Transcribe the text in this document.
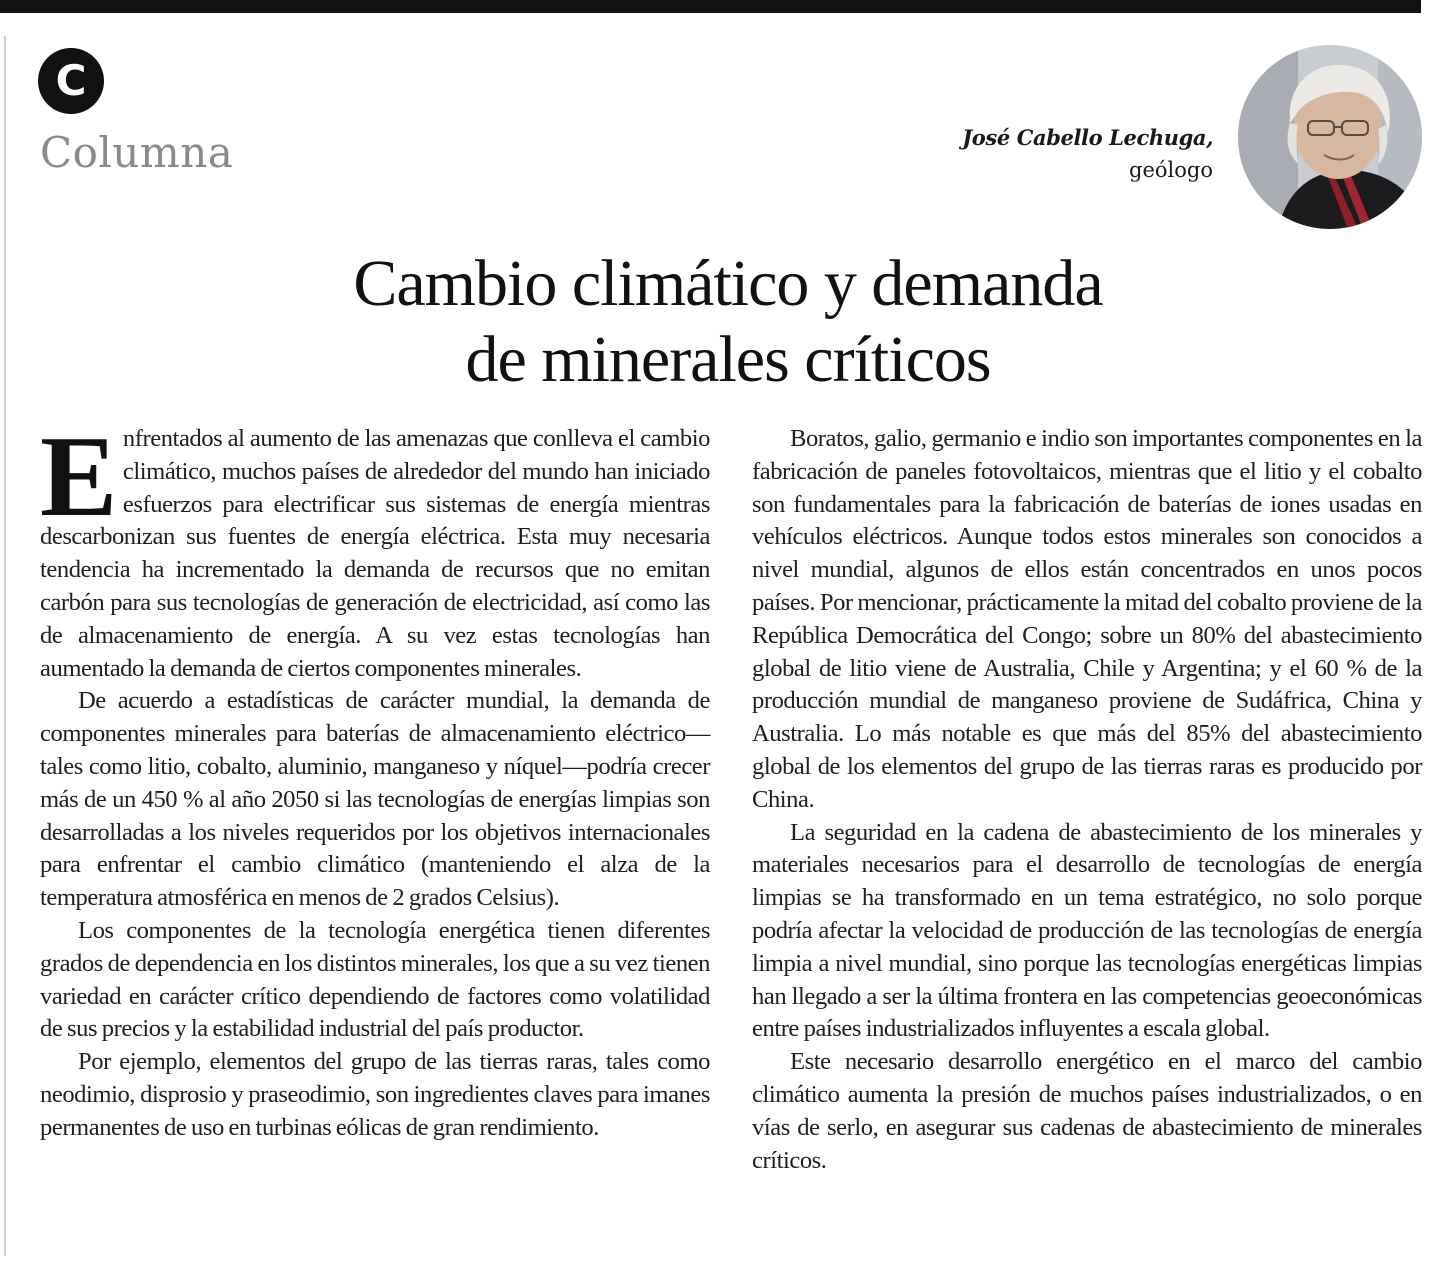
C
Columna	José Cabello Lechuga,
geólogo
Cambio climático y demanda
de minerales críticos

Enfrentados al aumento de las amenazas que conlleva el cambio climático, muchos países de alrededor del mundo han iniciado esfuerzos para electrificar sus sistemas de energía mientras descarbonizan sus fuentes de energía eléctrica. Esta muy necesaria tendencia ha incrementado la demanda de recursos que no emitan carbón para sus tecnologías de generación de electricidad, así como las de almacenamiento de energía. A su vez estas tecnologías han aumentado la demanda de ciertos componentes minerales.

De acuerdo a estadísticas de carácter mundial, la demanda de componentes minerales para baterías de almacenamiento eléctrico—tales como litio, cobalto, aluminio, manganeso y níquel—podría crecer más de un 450 % al año 2050 si las tecnologías de energías limpias son desarrolladas a los niveles requeridos por los objetivos internacionales para enfrentar el cambio climático (manteniendo el alza de la temperatura atmosférica en menos de 2 grados Celsius).

Los componentes de la tecnología energética tienen diferentes grados de dependencia en los distintos minerales, los que a su vez tienen variedad en carácter crítico dependiendo de factores como volatilidad de sus precios y la estabilidad industrial del país productor.

Por ejemplo, elementos del grupo de las tierras raras, tales como neodimio, disprosio y praseodimio, son ingredientes claves para imanes permanentes de uso en turbinas eólicas de gran rendimiento.

Boratos, galio, germanio e indio son importantes componentes en la fabricación de paneles fotovoltaicos, mientras que el litio y el cobalto son fundamentales para la fabricación de baterías de iones usadas en vehículos eléctricos. Aunque todos estos minerales son conocidos a nivel mundial, algunos de ellos están concentrados en unos pocos países. Por mencionar, prácticamente la mitad del cobalto proviene de la República Democrática del Congo; sobre un 80% del abastecimiento global de litio viene de Australia, Chile y Argentina; y el 60 % de la producción mundial de manganeso proviene de Sudáfrica, China y Australia. Lo más notable es que más del 85% del abastecimiento global de los elementos del grupo de las tierras raras es producido por China.

La seguridad en la cadena de abastecimiento de los minerales y materiales necesarios para el desarrollo de tecnologías de energía limpias se ha transformado en un tema estratégico, no solo porque podría afectar la velocidad de producción de las tecnologías de energía limpia a nivel mundial, sino porque las tecnologías energéticas limpias han llegado a ser la última frontera en las competencias geoeconómicas entre países industrializados influyentes a escala global.

Este necesario desarrollo energético en el marco del cambio climático aumenta la presión de muchos países industrializados, o en vías de serlo, en asegurar sus cadenas de abastecimiento de minerales críticos.
